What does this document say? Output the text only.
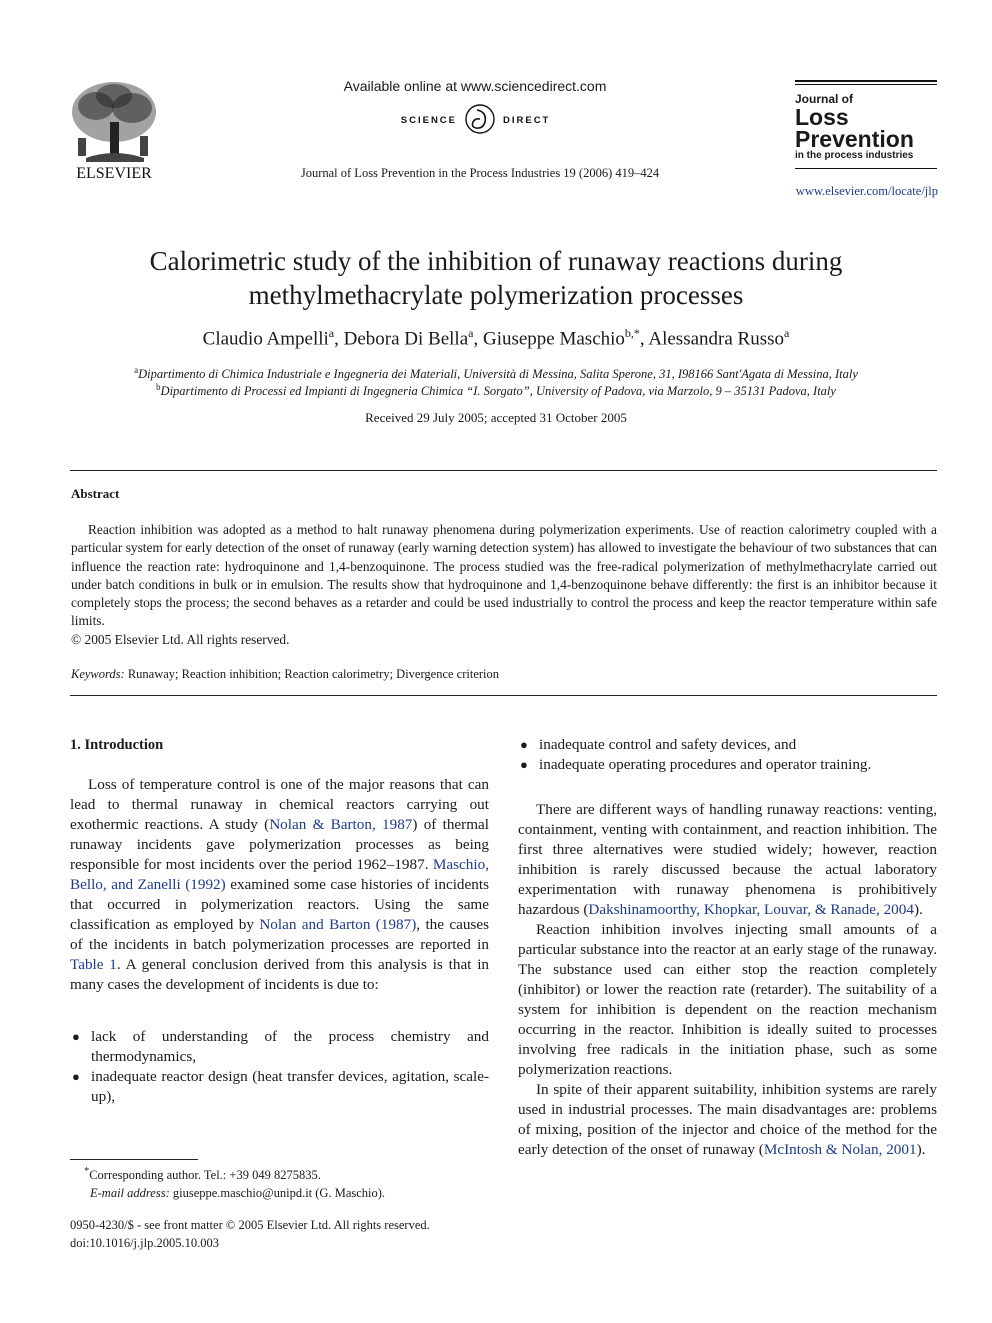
ELSEVIER
Available online at www.sciencedirect.com
SCIENCE	DIRECT
Journal of Loss Prevention in the Process Industries 19 (2006) 419–424
Journal of
Loss
Prevention
in the process industries
www.elsevier.com/locate/jlp
Calorimetric study of the inhibition of runaway reactions during
methylmethacrylate polymerization processes
Claudio Ampelli$^a$, Debora Di Bella$^a$, Giuseppe Maschio$^{b,*}$, Alessandra Russo$^a$
$^a$Dipartimento di Chimica Industriale e Ingegneria dei Materiali, Università di Messina, Salita Sperone, 31, I98166 Sant'Agata di Messina, Italy
$^b$Dipartimento di Processi ed Impianti di Ingegneria Chimica “I. Sorgato”, University of Padova, via Marzolo, 9 – 35131 Padova, Italy
Received 29 July 2005; accepted 31 October 2005
Abstract
Reaction inhibition was adopted as a method to halt runaway phenomena during polymerization experiments. Use of reaction calorimetry coupled with a particular system for early detection of the onset of runaway (early warning detection system) has allowed to investigate the behaviour of two substances that can influence the reaction rate: hydroquinone and 1,4-benzoquinone. The process studied was the free-radical polymerization of methylmethacrylate carried out under batch conditions in bulk or in emulsion. The results show that hydroquinone and 1,4-benzoquinone behave differently: the first is an inhibitor because it completely stops the process; the second behaves as a retarder and could be used industrially to control the process and keep the reactor temperature within safe limits.
© 2005 Elsevier Ltd. All rights reserved.
Keywords: Runaway; Reaction inhibition; Reaction calorimetry; Divergence criterion
1. Introduction

Loss of temperature control is one of the major reasons that can lead to thermal runaway in chemical reactors carrying out exothermic reactions. A study (Nolan & Barton, 1987) of thermal runaway incidents gave polymerization processes as being responsible for most incidents over the period 1962–1987. Maschio, Bello, and Zanelli (1992) examined some case histories of incidents that occurred in polymerization reactors. Using the same classification as employed by Nolan and Barton (1987), the causes of the incidents in batch polymerization processes are reported in Table 1. A general conclusion derived from this analysis is that in many cases the development of incidents is due to:

● lack of understanding of the process chemistry and thermodynamics,
● inadequate reactor design (heat transfer devices, agitation, scale-up),
● inadequate control and safety devices, and
● inadequate operating procedures and operator training.

There are different ways of handling runaway reactions: venting, containment, venting with containment, and reaction inhibition. The first three alternatives were studied widely; however, reaction inhibition is rarely discussed because the actual laboratory experimentation with runaway phenomena is prohibitively hazardous (Dakshinamoorthy, Khopkar, Louvar, & Ranade, 2004).

Reaction inhibition involves injecting small amounts of a particular substance into the reactor at an early stage of the runaway. The substance used can either stop the reaction completely (inhibitor) or lower the reaction rate (retarder). The suitability of a system for inhibition is dependent on the reaction mechanism occurring in the reactor. Inhibition is ideally suited to processes involving free radicals in the initiation phase, such as some polymerization reactions.

In spite of their apparent suitability, inhibition systems are rarely used in industrial processes. The main disadvantages are: problems of mixing, position of the injector and choice of the method for the early detection of the onset of runaway (McIntosh & Nolan, 2001).

*Corresponding author. Tel.: +39 049 8275835.
E-mail address: giuseppe.maschio@unipd.it (G. Maschio).
0950-4230/$ - see front matter © 2005 Elsevier Ltd. All rights reserved.
doi:10.1016/j.jlp.2005.10.003
